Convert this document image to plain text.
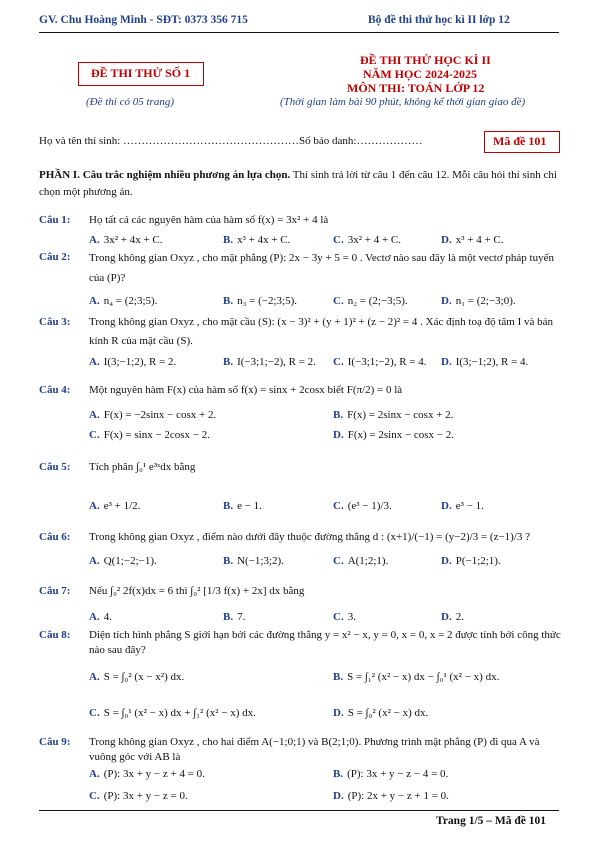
GV. Chu Hoàng Minh - SĐT: 0373 356 715	Bộ đề thi thử học kì II lớp 12
ĐỀ THI THỬ SỐ 1
(Đề thi có 05 trang)
ĐỀ THI THỬ HỌC KÌ II
NĂM HỌC 2024-2025
MÔN THI: TOÁN LỚP 12
(Thời gian làm bài 90 phút, không kể thời gian giao đề)
Họ và tên thí sinh: …………………………………………Số báo danh:………………	Mã đề 101
PHẦN I. Câu trắc nghiệm nhiều phương án lựa chọn. Thí sinh trả lời từ câu 1 đến câu 12. Mỗi câu hỏi thí sinh chỉ chọn một phương án.
Câu 1: Họ tất cả các nguyên hàm của hàm số f(x) = 3x² + 4 là
A. 3x² + 4x + C.	B. x³ + 4x + C.	C. 3x² + 4 + C.	D. x³ + 4 + C.
Câu 2: Trong không gian Oxyz , cho mặt phẳng (P): 2x − 3y + 5 = 0 . Vectơ nào sau đây là một vectơ pháp tuyến của (P)?
A. n₄ = (2;3;5).	B. n₃ = (−2;3;5).	C. n₂ = (2;−3;5).	D. n₁ = (2;−3;0).
Câu 3: Trong không gian Oxyz , cho mặt cầu (S): (x − 3)² + (y + 1)² + (z − 2)² = 4 . Xác định toạ độ tâm I và bán kính R của mặt cầu (S).
A. I(3;−1;2), R = 2.	B. I(−3;1;−2), R = 2. C. I(−3;1;−2), R = 4. D. I(3;−1;2), R = 4.
Câu 4: Một nguyên hàm F(x) của hàm số f(x) = sinx + 2cosx biết F(π/2) = 0 là
A. F(x) = −2sinx − cosx + 2.	B. F(x) = 2sinx − cosx + 2.
C. F(x) = sinx − 2cosx − 2.	D. F(x) = 2sinx − cosx − 2.
Câu 5: Tích phân ∫₀¹ e³ˣdx bằng
A. e³ + 1/2.	B. e − 1.	C. (e³ − 1)/3.	D. e³ − 1.
Câu 6: Trong không gian Oxyz , điểm nào dưới đây thuộc đường thẳng d : (x+1)/(−1) = (y−2)/3 = (z−1)/3 ?
A. Q(1;−2;−1).	B. N(−1;3;2).	C. A(1;2;1).	D. P(−1;2;1).
Câu 7: Nếu ∫₀² 2f(x)dx = 6 thì ∫₀² [1/3 f(x) + 2x] dx bằng
A. 4.	B. 7.	C. 3.	D. 2.
Câu 8: Diện tích hình phẳng S giới hạn bởi các đường thẳng y = x² − x, y = 0, x = 0, x = 2 được tính bởi công thức nào sau đây?
A. S = ∫₀² (x − x²) dx.	B. S = ∫₁² (x² − x) dx − ∫₀¹ (x² − x) dx.
C. S = ∫₀¹ (x² − x) dx + ∫₁² (x² − x) dx.	D. S = ∫₀² (x² − x) dx.
Câu 9: Trong không gian Oxyz , cho hai điểm A(−1;0;1) và B(2;1;0). Phương trình mặt phẳng (P) đi qua A và vuông góc với AB là
A. (P): 3x + y − z + 4 = 0.	B. (P): 3x + y − z − 4 = 0.
C. (P): 3x + y − z = 0.	D. (P): 2x + y − z + 1 = 0.
Trang 1/5 – Mã đề 101
